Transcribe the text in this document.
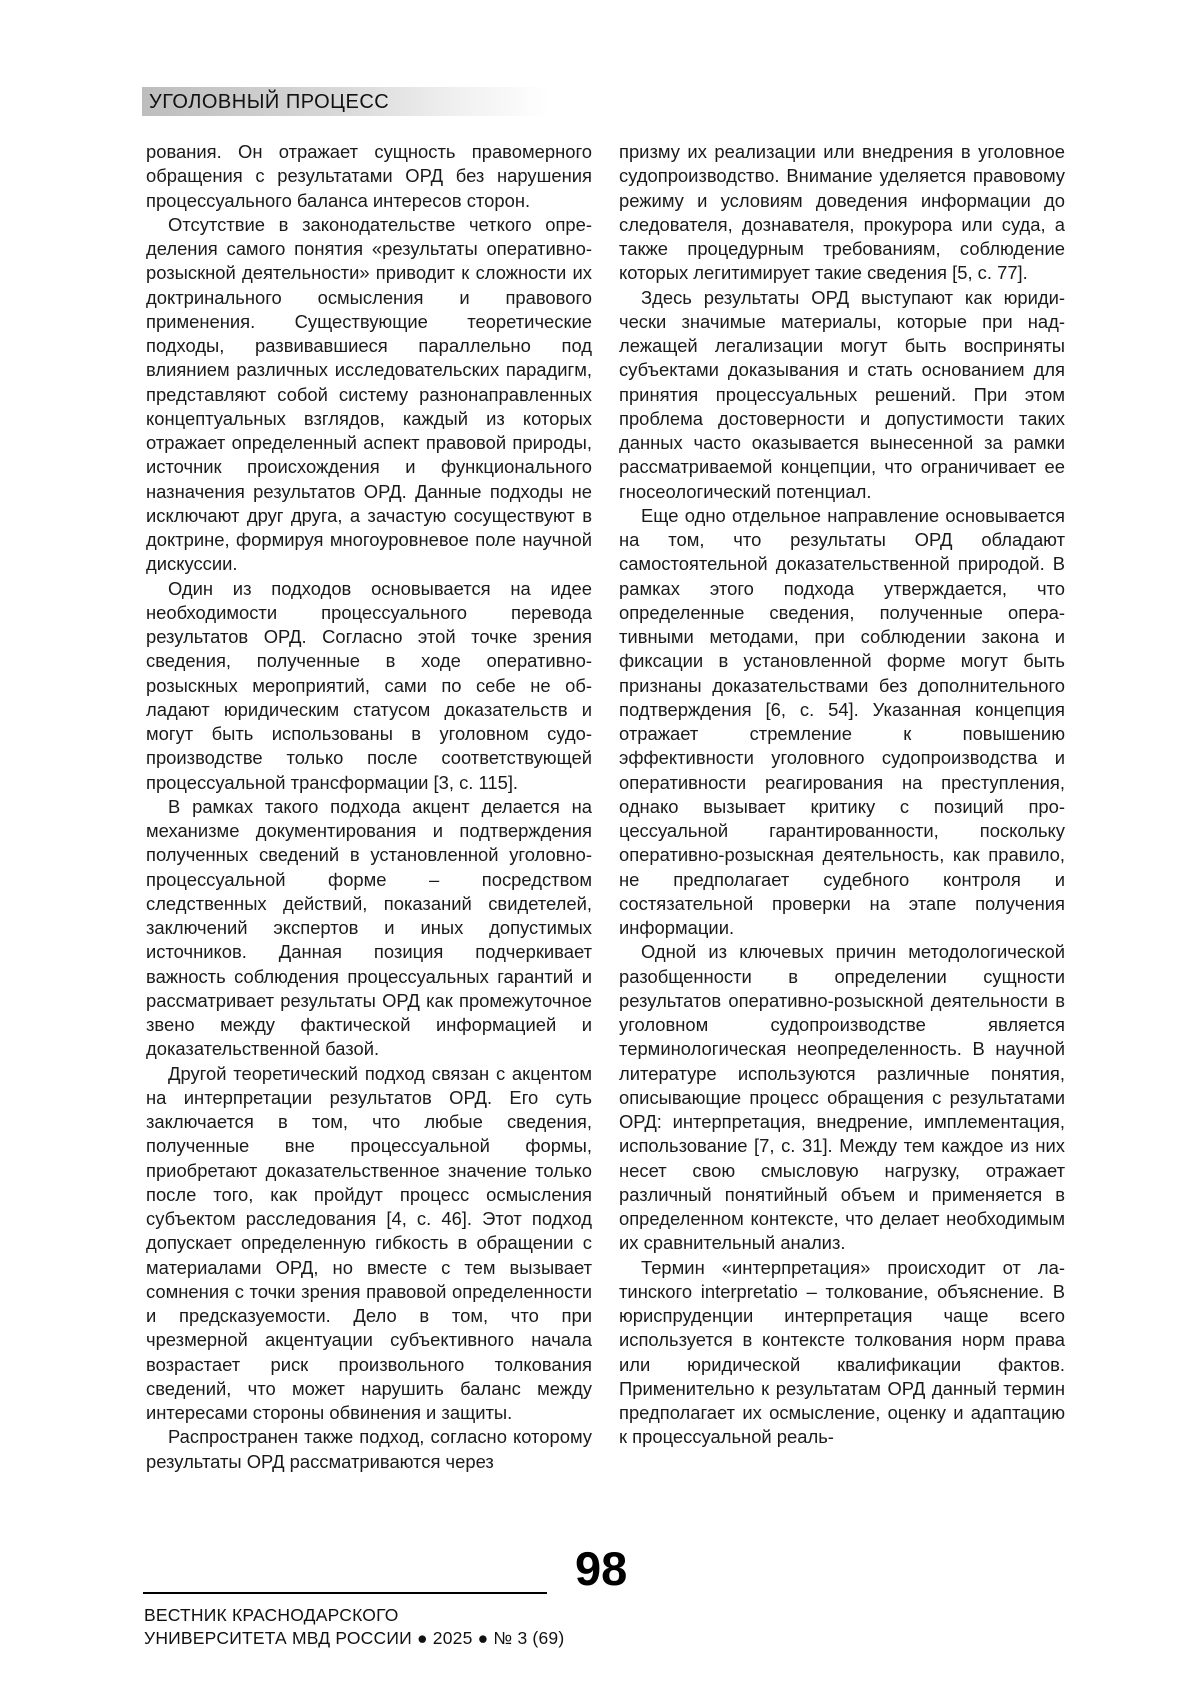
УГОЛОВНЫЙ ПРОЦЕСС

рования. Он отражает сущность правомерного обращения с результатами ОРД без нарушения процессуального баланса интересов сторон.

Отсутствие в законодательстве четкого определения самого понятия «результаты оперативно-розыскной деятельности» приводит к сложности их доктринального осмысления и правового применения. Существующие теоретические подходы, развивавшиеся параллельно под влиянием различных исследовательских парадигм, представляют собой систему разнонаправленных концептуальных взглядов, каждый из которых отражает определенный аспект правовой природы, источник происхождения и функционального назначения результатов ОРД. Данные подходы не исключают друг друга, а зачастую сосуществуют в доктрине, формируя многоуровневое поле научной дискуссии.

Один из подходов основывается на идее необходимости процессуального перевода результатов ОРД. Согласно этой точке зрения сведения, полученные в ходе оперативнорозыскных мероприятий, сами по себе не обладают юридическим статусом доказательств и могут быть использованы в уголовном судопроизводстве только после соответствующей процессуальной трансформации [3, с. 115].

В рамках такого подхода акцент делается на механизме документирования и подтверждения полученных сведений в установленной уголовно-процессуальной форме – посредством следственных действий, показаний свидетелей, заключений экспертов и иных допустимых источников. Данная позиция подчеркивает важность соблюдения процессуальных гарантий и рассматривает результаты ОРД как промежуточное звено между фактической информацией и доказательственной базой.

Другой теоретический подход связан с акцентом на интерпретации результатов ОРД. Его суть заключается в том, что любые сведения, полученные вне процессуальной формы, приобретают доказательственное значение только после того, как пройдут процесс осмысления субъектом расследования [4, с. 46]. Этот подход допускает определенную гибкость в обращении с материалами ОРД, но вместе с тем вызывает сомнения с точки зрения правовой определенности и предсказуемости. Дело в том, что при чрезмерной акцентуации субъективного начала возрастает риск произвольного толкования сведений, что может нарушить баланс между интересами стороны обвинения и защиты.

Распространен также подход, согласно которому результаты ОРД рассматриваются через

призму их реализации или внедрения в уголовное судопроизводство. Внимание уделяется правовому режиму и условиям доведения информации до следователя, дознавателя, прокурора или суда, а также процедурным требованиям, соблюдение которых легитимирует такие сведения [5, с. 77].

Здесь результаты ОРД выступают как юридически значимые материалы, которые при надлежащей легализации могут быть восприняты субъектами доказывания и стать основанием для принятия процессуальных решений. При этом проблема достоверности и допустимости таких данных часто оказывается вынесенной за рамки рассматриваемой концепции, что ограничивает ее гносеологический потенциал.

Еще одно отдельное направление основывается на том, что результаты ОРД обладают самостоятельной доказательственной природой. В рамках этого подхода утверждается, что определенные сведения, полученные оперативными методами, при соблюдении закона и фиксации в установленной форме могут быть признаны доказательствами без дополнительного подтверждения [6, с. 54]. Указанная концепция отражает стремление к повышению эффективности уголовного судопроизводства и оперативности реагирования на преступления, однако вызывает критику с позиций процессуальной гарантированности, поскольку оперативно-розыскная деятельность, как правило, не предполагает судебного контроля и состязательной проверки на этапе получения информации.

Одной из ключевых причин методологической разобщенности в определении сущности результатов оперативно-розыскной деятельности в уголовном судопроизводстве является терминологическая неопределенность. В научной литературе используются различные понятия, описывающие процесс обращения с результатами ОРД: интерпретация, внедрение, имплементация, использование [7, с. 31]. Между тем каждое из них несет свою смысловую нагрузку, отражает различный понятийный объем и применяется в определенном контексте, что делает необходимым их сравнительный анализ.

Термин «интерпретация» происходит от латинского interpretatio – толкование, объяснение. В юриспруденции интерпретация чаще всего используется в контексте толкования норм права или юридической квалификации фактов. Применительно к результатам ОРД данный термин предполагает их осмысление, оценку и адаптацию к процессуальной реаль-

98
ВЕСТНИК КРАСНОДАРСКОГО
УНИВЕРСИТЕТА МВД РОССИИ ● 2025 ● № 3 (69)
